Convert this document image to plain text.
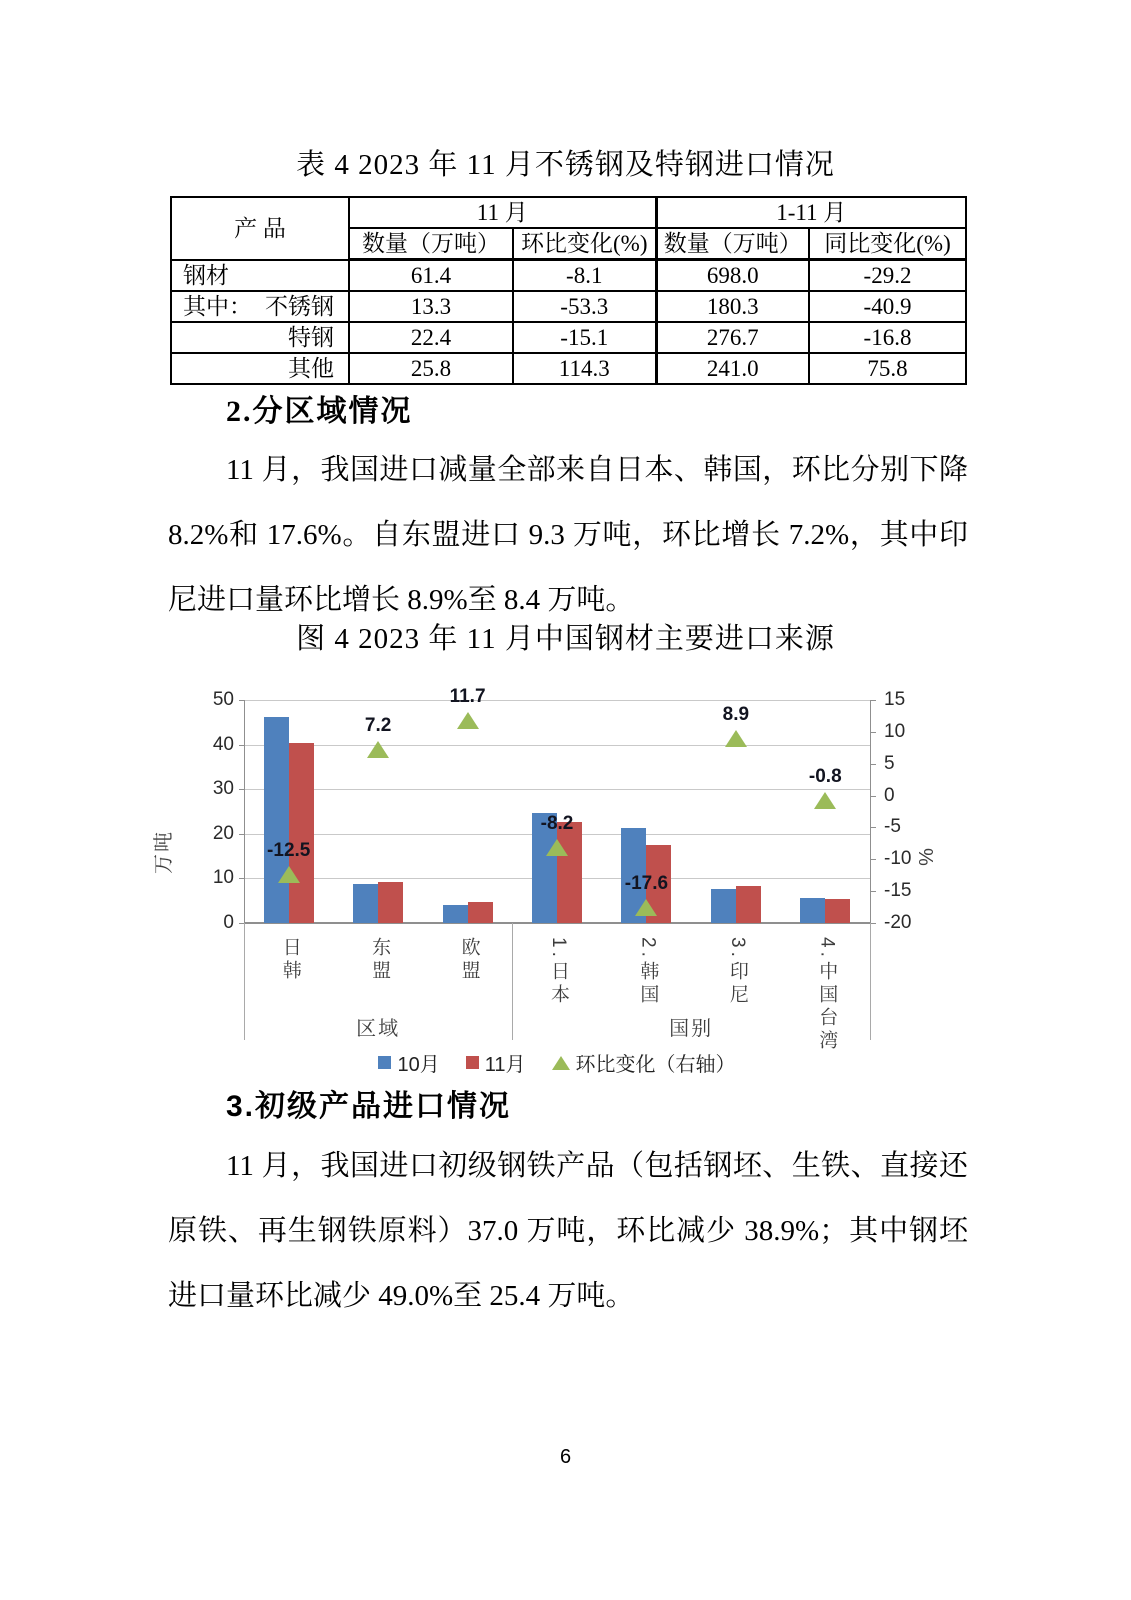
表 4 2023 年 11 月不锈钢及特钢进口情况
产 品	11 月		1-11 月	
	数量（万吨）	环比变化(%)	数量（万吨）	同比变化(%)

钢材	61.4	-8.1	698.0	-29.2

其中： 不锈钢	13.3	-53.3	180.3	-40.9

特钢	22.4	-15.1	276.7	-16.8

其他	25.8	114.3	241.0	75.8
2.分区域情况
11 月，我国进口减量全部来自日本、韩国，环比分别下降 8.2%和 17.6%。自东盟进口 9.3 万吨，环比增长 7.2%，其中印尼进口量环比增长 8.9%至 8.4 万吨。
图 4 2023 年 11 月中国钢材主要进口来源
0
10
20
30
40
50
-20
-15
-10
-5
0
5
10
15
万吨	%
-12.5
7.2
11.7
-8.2
-17.6
8.9
-0.8
日韩	东盟	欧盟	1.日本	2.韩国	3.印尼	4.中国台湾
区域	国别
10月 11月	环比变化（右轴）
3.初级产品进口情况
11 月，我国进口初级钢铁产品（包括钢坯、生铁、直接还原铁、再生钢铁原料）37.0 万吨，环比减少 38.9%；其中钢坯进口量环比减少 49.0%至 25.4 万吨。
6
